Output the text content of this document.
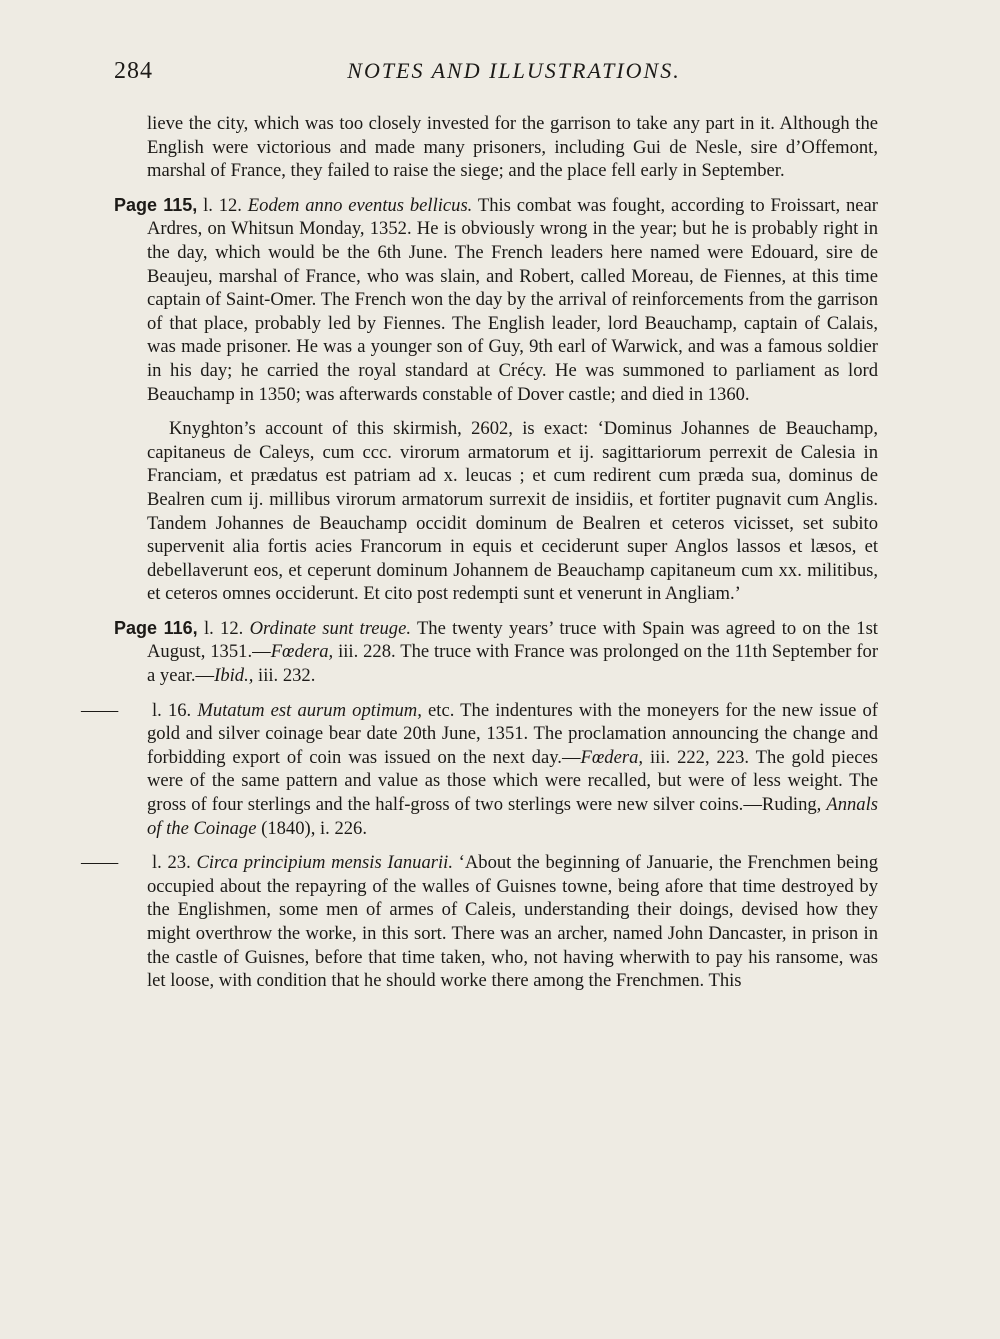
284	NOTES AND ILLUSTRATIONS.

lieve the city, which was too closely invested for the garrison to take any part in it. Although the English were victorious and made many prisoners, including Gui de Nesle, sire d’Offemont, marshal of France, they failed to raise the siege; and the place fell early in September.

Page 115, l. 12. Eodem anno eventus bellicus. This combat was fought, according to Froissart, near Ardres, on Whitsun Monday, 1352. He is obviously wrong in the year; but he is probably right in the day, which would be the 6th June. The French leaders here named were Edouard, sire de Beaujeu, marshal of France, who was slain, and Robert, called Moreau, de Fiennes, at this time captain of Saint-Omer. The French won the day by the arrival of reinforcements from the garrison of that place, probably led by Fiennes. The English leader, lord Beauchamp, captain of Calais, was made prisoner. He was a younger son of Guy, 9th earl of Warwick, and was a famous soldier in his day; he carried the royal standard at Crécy. He was summoned to parliament as lord Beauchamp in 1350; was afterwards constable of Dover castle; and died in 1360.

Knyghton’s account of this skirmish, 2602, is exact: ‘Dominus Johannes de Beauchamp, capitaneus de Caleys, cum ccc. virorum armatorum et ij. sagittariorum perrexit de Calesia in Franciam, et prædatus est patriam ad x. leucas ; et cum redirent cum præda sua, dominus de Bealren cum ij. millibus virorum armatorum surrexit de insidiis, et fortiter pugnavit cum Anglis. Tandem Johannes de Beauchamp occidit dominum de Bealren et ceteros vicisset, set subito supervenit alia fortis acies Francorum in equis et ceciderunt super Anglos lassos et læsos, et debellaverunt eos, et ceperunt dominum Johannem de Beauchamp capitaneum cum xx. militibus, et ceteros omnes occiderunt. Et cito post redempti sunt et venerunt in Angliam.’

Page 116, l. 12. Ordinate sunt treuge. The twenty years’ truce with Spain was agreed to on the 1st August, 1351.—Fœdera, iii. 228. The truce with France was prolonged on the 11th September for a year.—Ibid., iii. 232.

—— l. 16. Mutatum est aurum optimum, etc. The indentures with the moneyers for the new issue of gold and silver coinage bear date 20th June, 1351. The proclamation announcing the change and forbidding export of coin was issued on the next day.—Fœdera, iii. 222, 223. The gold pieces were of the same pattern and value as those which were recalled, but were of less weight. The gross of four sterlings and the half-gross of two sterlings were new silver coins.—Ruding, Annals of the Coinage (1840), i. 226.

—— l. 23. Circa principium mensis Ianuarii. ‘About the beginning of Januarie, the Frenchmen being occupied about the repayring of the walles of Guisnes towne, being afore that time destroyed by the Englishmen, some men of armes of Caleis, understanding their doings, devised how they might overthrow the worke, in this sort. There was an archer, named John Dancaster, in prison in the castle of Guisnes, before that time taken, who, not having wherwith to pay his ransome, was let loose, with condition that he should worke there among the Frenchmen. This
